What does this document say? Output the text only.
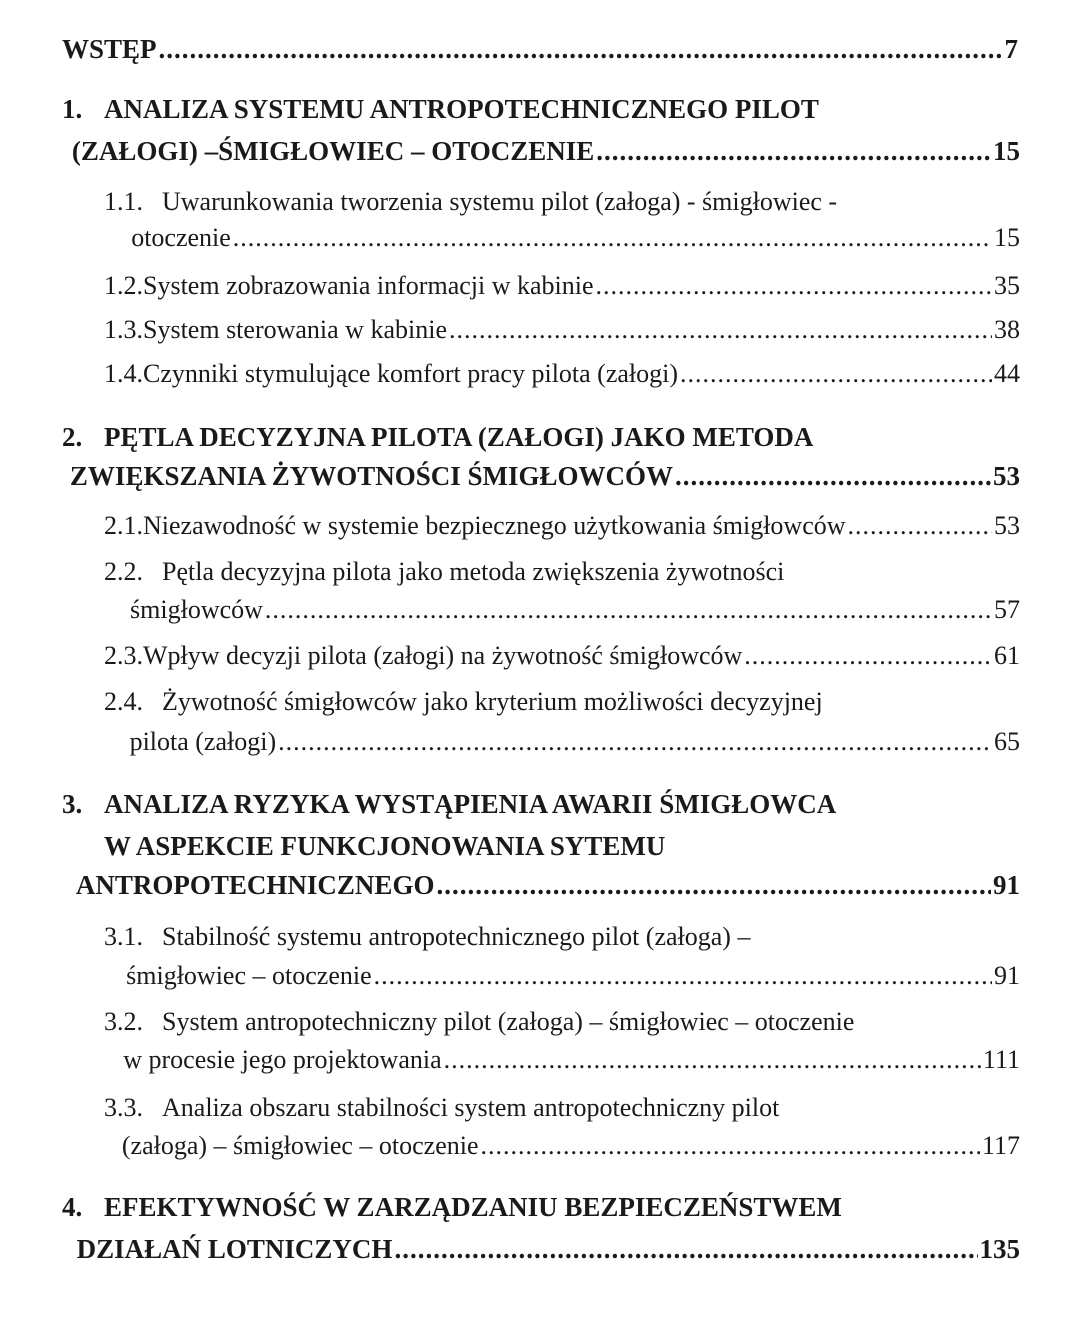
WSTĘP .....	7
1. ANALIZA SYSTEMU ANTROPOTECHNICZNEGO PILOT
(ZAŁOGI) –ŚMIGŁOWIEC – OTOCZENIE .....	15
1.1. Uwarunkowania tworzenia systemu pilot (załoga) - śmigłowiec -
otoczenie .....	15
1.2. System zobrazowania informacji w kabinie .....	35
1.3. System sterowania w kabinie .....	38
1.4. Czynniki stymulujące komfort pracy pilota (załogi) .....	44
2. PĘTLA DECYZYJNA PILOTA (ZAŁOGI) JAKO METODA
ZWIĘKSZANIA ŻYWOTNOŚCI ŚMIGŁOWCÓW .....	53
2.1. Niezawodność w systemie bezpiecznego użytkowania śmigłowców .....	53
2.2. Pętla decyzyjna pilota jako metoda zwiększenia żywotności
śmigłowców .....	57
2.3. Wpływ decyzji pilota (załogi) na żywotność śmigłowców .....	61
2.4. Żywotność śmigłowców jako kryterium możliwości decyzyjnej
pilota (załogi) .....	65
3. ANALIZA RYZYKA WYSTĄPIENIA AWARII ŚMIGŁOWCA
W ASPEKCIE FUNKCJONOWANIA SYTEMU
ANTROPOTECHNICZNEGO .....	91
3.1. Stabilność systemu antropotechnicznego pilot (załoga) –
śmigłowiec – otoczenie .....	91
3.2. System antropotechniczny pilot (załoga) – śmigłowiec – otoczenie
w procesie jego projektowania .....	111
3.3. Analiza obszaru stabilności system antropotechniczny pilot
(załoga) – śmigłowiec – otoczenie .....	117
4. EFEKTYWNOŚĆ W ZARZĄDZANIU BEZPIECZEŃSTWEM
DZIAŁAŃ LOTNICZYCH .....	135
